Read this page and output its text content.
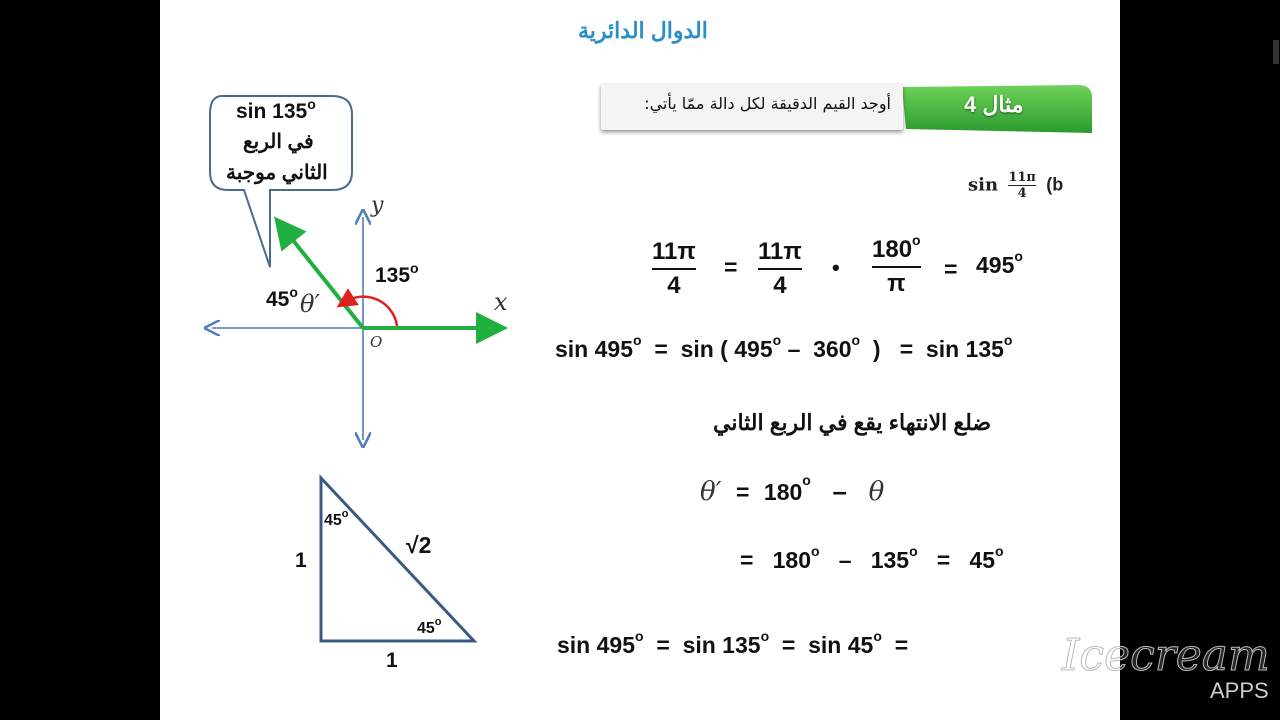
الدوال الدائرية
مثال 4
أوجد القيم الدقيقة لكل دالة ممّا يأتي:
$\sin \frac{11\pi}{4} (b$
sin 135$^o$
في الربع
الثاني موجبة
y
x
O
135$^o$
45$^o$ θ′
45$^o$
45$^o$
1
1
√2
11π
4
=
11π
4
•
180$^o$
π
= $495^o$
$\sin 495^o = \sin$ ( 495$^o$ – 360$^o$ ) = sin 135$^o$
ضلع الانتهاء يقع في الربع الثاني
$\theta' = 180^o - \theta$
= $180^o - 135^o = 45^o$
$\sin 495^o = \sin 135^o = \sin 45^o$ =	Icecream
APPS
